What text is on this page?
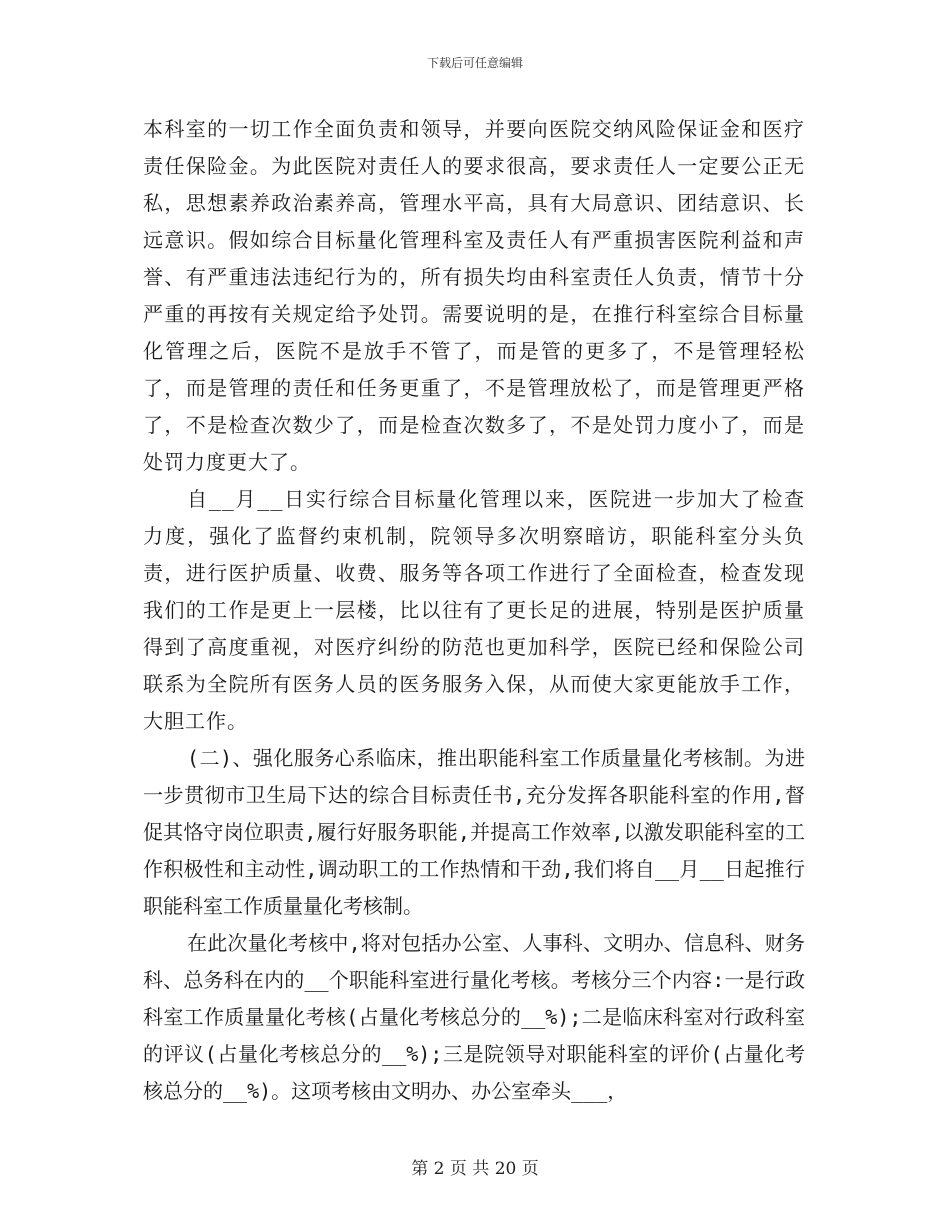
下载后可任意编辑

本科室的一切工作全面负责和领导，并要向医院交纳风险保证金和医疗责任保险金。为此医院对责任人的要求很高，要求责任人一定要公正无私，思想素养政治素养高，管理水平高，具有大局意识、团结意识、长远意识。假如综合目标量化管理科室及责任人有严重损害医院利益和声誉、有严重违法违纪行为的，所有损失均由科室责任人负责，情节十分严重的再按有关规定给予处罚。需要说明的是，在推行科室综合目标量化管理之后，医院不是放手不管了，而是管的更多了，不是管理轻松了，而是管理的责任和任务更重了，不是管理放松了，而是管理更严格了，不是检查次数少了，而是检查次数多了，不是处罚力度小了，而是处罚力度更大了。

自__月__日实行综合目标量化管理以来，医院进一步加大了检查力度，强化了监督约束机制，院领导多次明察暗访，职能科室分头负责，进行医护质量、收费、服务等各项工作进行了全面检查，检查发现我们的工作是更上一层楼，比以往有了更长足的进展，特别是医护质量得到了高度重视，对医疗纠纷的防范也更加科学，医院已经和保险公司联系为全院所有医务人员的医务服务入保，从而使大家更能放手工作，大胆工作。

(二)、强化服务心系临床，推出职能科室工作质量量化考核制。为进一步贯彻市卫生局下达的综合目标责任书,充分发挥各职能科室的作用,督促其恪守岗位职责,履行好服务职能,并提高工作效率,以激发职能科室的工作积极性和主动性,调动职工的工作热情和干劲,我们将自__月__日起推行职能科室工作质量量化考核制。

在此次量化考核中,将对包括办公室、人事科、文明办、信息科、财务科、总务科在内的__个职能科室进行量化考核。考核分三个内容:一是行政科室工作质量量化考核(占量化考核总分的__%);二是临床科室对行政科室的评议(占量化考核总分的__%);三是院领导对职能科室的评价(占量化考核总分的__%)。这项考核由文明办、办公室牵头___，

第 2 页 共 20 页
